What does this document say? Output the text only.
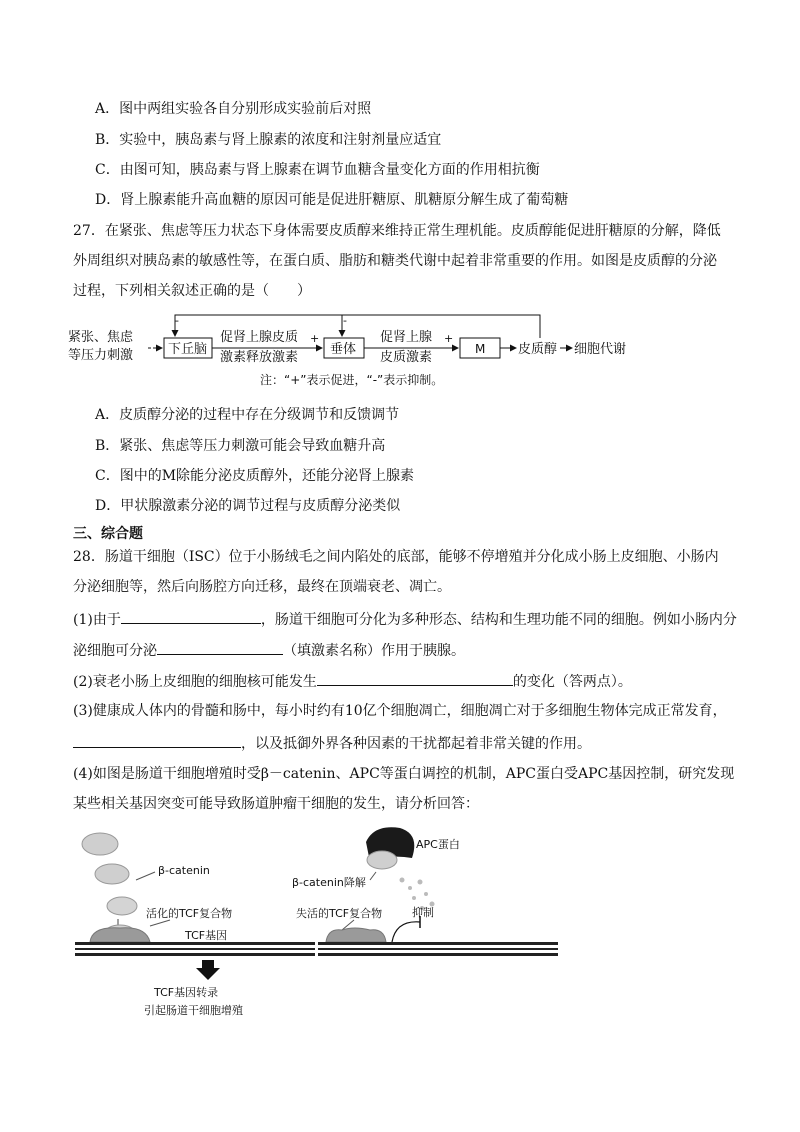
A．图中两组实验各自分别形成实验前后对照
B．实验中，胰岛素与肾上腺素的浓度和注射剂量应适宜
C．由图可知，胰岛素与肾上腺素在调节血糖含量变化方面的作用相抗衡
D．肾上腺素能升高血糖的原因可能是促进肝糖原、肌糖原分解生成了葡萄糖
27．在紧张、焦虑等压力状态下身体需要皮质醇来维持正常生理机能。皮质醇能促进肝糖原的分解，降低
外周组织对胰岛素的敏感性等，在蛋白质、脂肪和糖类代谢中起着非常重要的作用。如图是皮质醇的分泌
过程，下列相关叙述正确的是（　　）
-	-
紧张、焦虑
等压力刺激	下丘脑
促肾上腺皮质
激素释放激素
+
垂体
促肾上腺
皮质激素
+
M	皮质醇 细胞代谢
注：“+”表示促进，“-”表示抑制。
A．皮质醇分泌的过程中存在分级调节和反馈调节
B．紧张、焦虑等压力刺激可能会导致血糖升高
C．图中的M除能分泌皮质醇外，还能分泌肾上腺素
D．甲状腺激素分泌的调节过程与皮质醇分泌类似
三、综合题
28．肠道干细胞（ISC）位于小肠绒毛之间内陷处的底部，能够不停增殖并分化成小肠上皮细胞、小肠内
分泌细胞等，然后向肠腔方向迁移，最终在顶端衰老、凋亡。
(1)由于	，肠道干细胞可分化为多种形态、结构和生理功能不同的细胞。例如小肠内分
泌细胞可分泌	（填激素名称）作用于胰腺。
(2)衰老小肠上皮细胞的细胞核可能发生	的变化（答两点）。
(3)健康成人体内的骨髓和肠中，每小时约有10亿个细胞凋亡，细胞凋亡对于多细胞生物体完成正常发育，
，以及抵御外界各种因素的干扰都起着非常关键的作用。
(4)如图是肠道干细胞增殖时受β－catenin、APC等蛋白调控的机制，APC蛋白受APC基因控制，研究发现
某些相关基因突变可能导致肠道肿瘤干细胞的发生，请分析回答：
β-catenin
活化的TCF复合物
TCF基因
TCF基因转录
引起肠道干细胞增殖
APC蛋白
β-catenin降解
失活的TCF复合物	抑制
